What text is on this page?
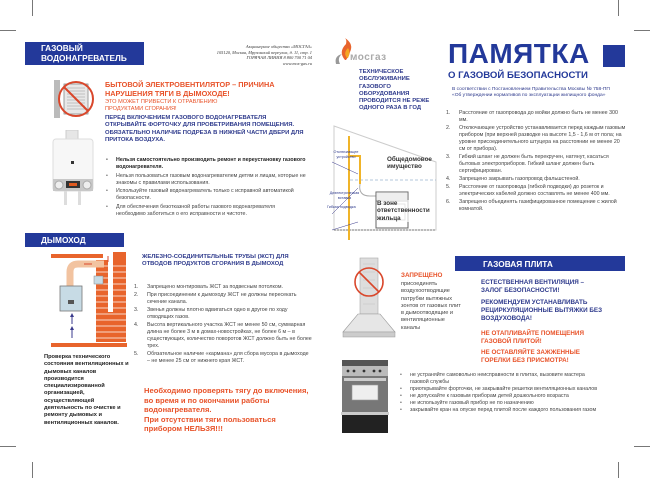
ГАЗОВЫЙ ВОДОНАГРЕВАТЕЛЬ
Акционерное общество «МОСГАЗ»
105120, Москва, Мрузовский переулок, д. 11, стр. 1
ГОРЯЧАЯ ЛИНИЯ 8 800 700 71 04
www.mos-gas.ru
БЫТОВОЙ ЭЛЕКТРОВЕНТИЛЯТОР – ПРИЧИНА НАРУШЕНИЯ ТЯГИ В ДЫМОХОДЕ!
ЭТО МОЖЕТ ПРИВЕСТИ К ОТРАВЛЕНИЮ ПРОДУКТАМИ СГОРАНИЯ!
ПЕРЕД ВКЛЮЧЕНИЕМ ГАЗОВОГО ВОДОНАГРЕВАТЕЛЯ ОТКРЫВАЙТЕ ФОРТОЧКУ ДЛЯ ПРОВЕТРИВАНИЯ ПОМЕЩЕНИЯ.
ОБЯЗАТЕЛЬНО НАЛИЧИЕ ПОДРЕЗА В НИЖНЕЙ ЧАСТИ ДВЕРИ ДЛЯ ПРИТОКА ВОЗДУХА.
• Нельзя самостоятельно производить ремонт и переустановку газового водонагревателя.
• Нельзя пользоваться газовым водонагревателем детям и лицам, которые не знакомы с правилами использования.
• Используйте газовый водонагреватель только с исправной автоматикой безопасности.
• Для обеспечения безотказной работы газового водонагревателя необходимо заботиться о его исправности и чистоте.
ДЫМОХОД
ЖЕЛЕЗНО-СОЕДИНИТЕЛЬНЫЕ ТРУБЫ (ЖСТ) ДЛЯ ОТВОДОВ ПРОДУКТОВ СГОРАНИЯ В ДЫМОХОД
Запрещено монтировать ЖСТ за подвесным потолком.
При присоединении к дымоходу ЖСТ не должны пересекать сечение канала.
Звенья должны плотно вдвигаться одно в другое по ходу отводящих газов.
Высота вертикального участка ЖСТ не менее 50 см, суммарная длина не более 3 м в домах-новостройках, не более 6 м – в существующих, количество поворотов ЖСТ должно быть не более трех.
Обязательное наличие «кармана» для сбора мусора в дымоходе – не менее 25 см от нижнего края ЖСТ.
Проверка технического состояния вентиляционных и дымовых каналов производится специализированной организацией, осуществляющей деятельность по очистке и ремонту дымовых и вентиляционных каналов.
Необходимо проверять тягу до включения, во время и по окончании работы водонагревателя.
При отсутствии тяги пользоваться прибором НЕЛЬЗЯ!!!
мосгаз
ТЕХНИЧЕСКОЕ ОБСЛУЖИВАНИЕ ГАЗОВОГО ОБОРУДОВАНИЯ ПРОВОДИТСЯ НЕ РЕЖЕ ОДНОГО РАЗА В ГОД
Отключающее устройство
Диэлектрическая вставка
Гибкая подводка
Общедомовое имущество
В зоне ответственности жильца
ЗАПРЕЩЕНО
присоединять воздухоотводящие патрубки вытяжных зонтов от газовых плит в дымоотводящие и вентиляционные каналы
ПАМЯТКА
О ГАЗОВОЙ БЕЗОПАСНОСТИ
В соответствии с Постановлением Правительства Москвы № 758-ПП «Об утверждении нормативов по эксплуатации жилищного фонда»
Расстояние от газопровода до мойки должно быть не менее 300 мм.
Отключающее устройство устанавливается перед каждым газовым прибором (при верхней разводке на высоте 1,5 - 1,6 м от пола; на уровне присоединительного штуцера на расстоянии не менее 20 см от прибора).
Гибкий шланг не должен быть перекручен, натянут, касаться бытовых электроприборов. Гибкий шланг должен быть сертифицирован.
Запрещено закрывать газопровод фальшстеной.
Расстояние от газопровода (гибкой подводки) до розеток и электрических кабелей должно составлять не менее 400 мм.
Запрещено объединять газифицированное помещение с жилой комнатой.
ГАЗОВАЯ ПЛИТА
ЕСТЕСТВЕННАЯ ВЕНТИЛЯЦИЯ – ЗАЛОГ БЕЗОПАСНОСТИ!
РЕКОМЕНДУЕМ УСТАНАВЛИВАТЬ РЕЦИРКУЛЯЦИОННЫЕ ВЫТЯЖКИ БЕЗ ВОЗДУХОВОДА!
НЕ ОТАПЛИВАЙТЕ ПОМЕЩЕНИЯ ГАЗОВОЙ ПЛИТОЙ!
НЕ ОСТАВЛЯЙТЕ ЗАЖЖЕННЫЕ ГОРЕЛКИ БЕЗ ПРИСМОТРА!
• не устраняйте самовольно неисправности в плитах, вызовите мастера газовой службы
• приоткрывайте форточки, не закрывайте решетки вентиляционных каналов
• не допускайте к газовым приборам детей дошкольного возраста
• не используйте газовый прибор не по назначению
• закрывайте кран на опуске перед плитой после каждого пользования газом
